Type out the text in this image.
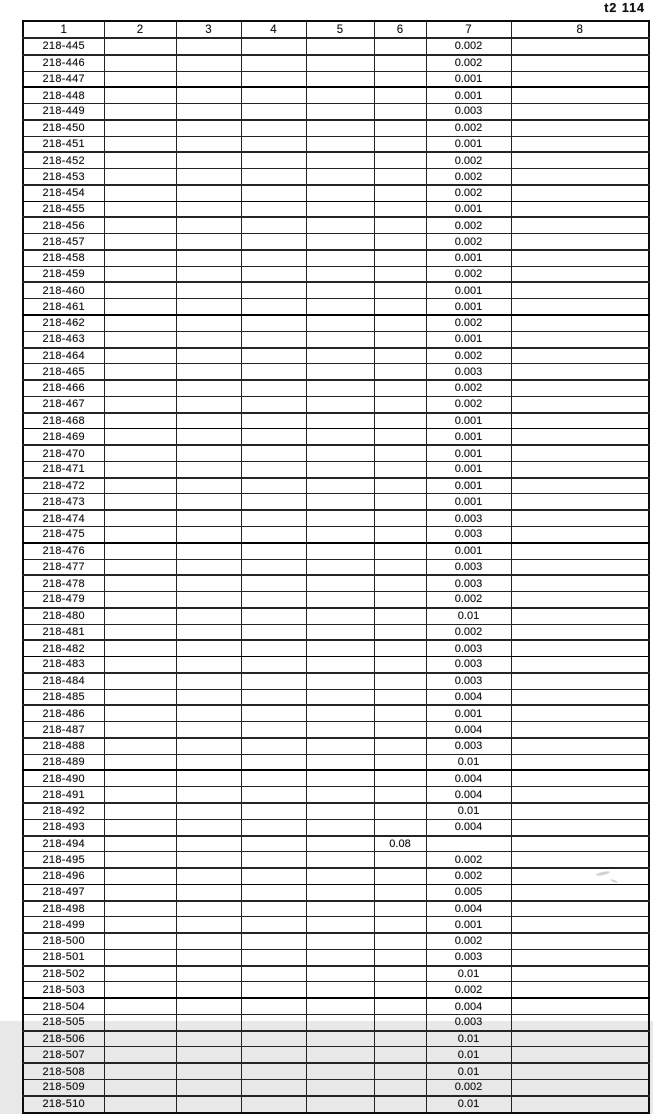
t2 114
1	2	3	4	5	6	7	8
218-445						0.002	
218-446						0.002	
218-447						0.001	
218-448						0.001	
218-449						0.003	
218-450						0.002	
218-451						0.001	
218-452						0.002	
218-453						0.002	
218-454						0.002	
218-455						0.001	
218-456						0.002	
218-457						0.002	
218-458						0.001	
218-459						0.002	
218-460						0.001	
218-461						0.001	
218-462						0.002	
218-463						0.001	
218-464						0.002	
218-465						0.003	
218-466						0.002	
218-467						0.002	
218-468						0.001	
218-469						0.001	
218-470						0.001	
218-471						0.001	
218-472						0.001	
218-473						0.001	
218-474						0.003	
218-475						0.003	
218-476						0.001	
218-477						0.003	
218-478						0.003	
218-479						0.002	
218-480						0.01	
218-481						0.002	
218-482						0.003	
218-483						0.003	
218-484						0.003	
218-485						0.004	
218-486						0.001	
218-487						0.004	
218-488						0.003	
218-489						0.01	
218-490						0.004	
218-491						0.004	
218-492						0.01	
218-493						0.004	
218-494					0.08		
218-495						0.002	
218-496						0.002	
218-497						0.005	
218-498						0.004	
218-499						0.001	
218-500						0.002	
218-501						0.003	
218-502						0.01	
218-503						0.002	
218-504						0.004	
218-505						0.003	
218-506						0.01	
218-507						0.01	
218-508						0.01	
218-509						0.002	
218-510						0.01	
